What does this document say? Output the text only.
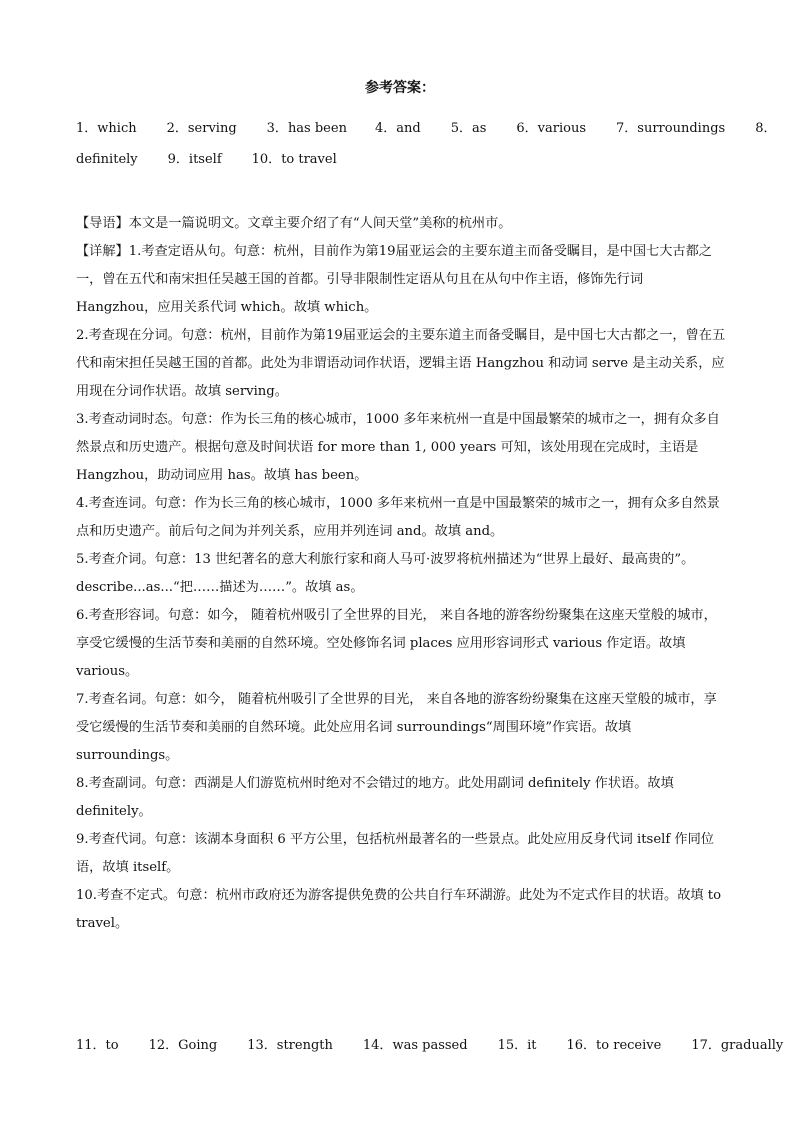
参考答案：
1．which 2．serving 3．has been 4．and 5．as 6．various 7．surroundings 8．
definitely 9．itself 10．to travel

【导语】本文是一篇说明文。文章主要介绍了有“人间天堂”美称的杭州市。

【详解】1.考查定语从句。句意：杭州，目前作为第19届亚运会的主要东道主而备受瞩目，是中国七大古都之一，曾在五代和南宋担任吴越王国的首都。引导非限制性定语从句且在从句中作主语，修饰先行词 Hangzhou，应用关系代词 which。故填 which。

2.考查现在分词。句意：杭州，目前作为第19届亚运会的主要东道主而备受瞩目，是中国七大古都之一，曾在五代和南宋担任吴越王国的首都。此处为非谓语动词作状语，逻辑主语 Hangzhou 和动词 serve 是主动关系，应用现在分词作状语。故填 serving。

3.考查动词时态。句意：作为长三角的核心城市，1000 多年来杭州一直是中国最繁荣的城市之一，拥有众多自然景点和历史遗产。根据句意及时间状语 for more than 1, 000 years 可知，该处用现在完成时，主语是 Hangzhou，助动词应用 has。故填 has been。

4.考查连词。句意：作为长三角的核心城市，1000 多年来杭州一直是中国最繁荣的城市之一，拥有众多自然景点和历史遗产。前后句之间为并列关系，应用并列连词 and。故填 and。

5.考查介词。句意：13 世纪著名的意大利旅行家和商人马可·波罗将杭州描述为“世界上最好、最高贵的”。describe...as...“把……描述为……”。故填 as。

6.考查形容词。句意：如今， 随着杭州吸引了全世界的目光， 来自各地的游客纷纷聚集在这座天堂般的城市，享受它缓慢的生活节奏和美丽的自然环境。空处修饰名词 places 应用形容词形式 various 作定语。故填 various。

7.考查名词。句意：如今， 随着杭州吸引了全世界的目光， 来自各地的游客纷纷聚集在这座天堂般的城市，享受它缓慢的生活节奏和美丽的自然环境。此处应用名词 surroundings“周围环境”作宾语。故填 surroundings。

8.考查副词。句意：西湖是人们游览杭州时绝对不会错过的地方。此处用副词 definitely 作状语。故填 definitely。

9.考查代词。句意：该湖本身面积 6 平方公里，包括杭州最著名的一些景点。此处应用反身代词 itself 作同位语，故填 itself。

10.考查不定式。句意：杭州市政府还为游客提供免费的公共自行车环湖游。此处为不定式作目的状语。故填 to travel。

11．to 12．Going 13．strength 14．was passed 15．it 16．to receive 17．gradually
